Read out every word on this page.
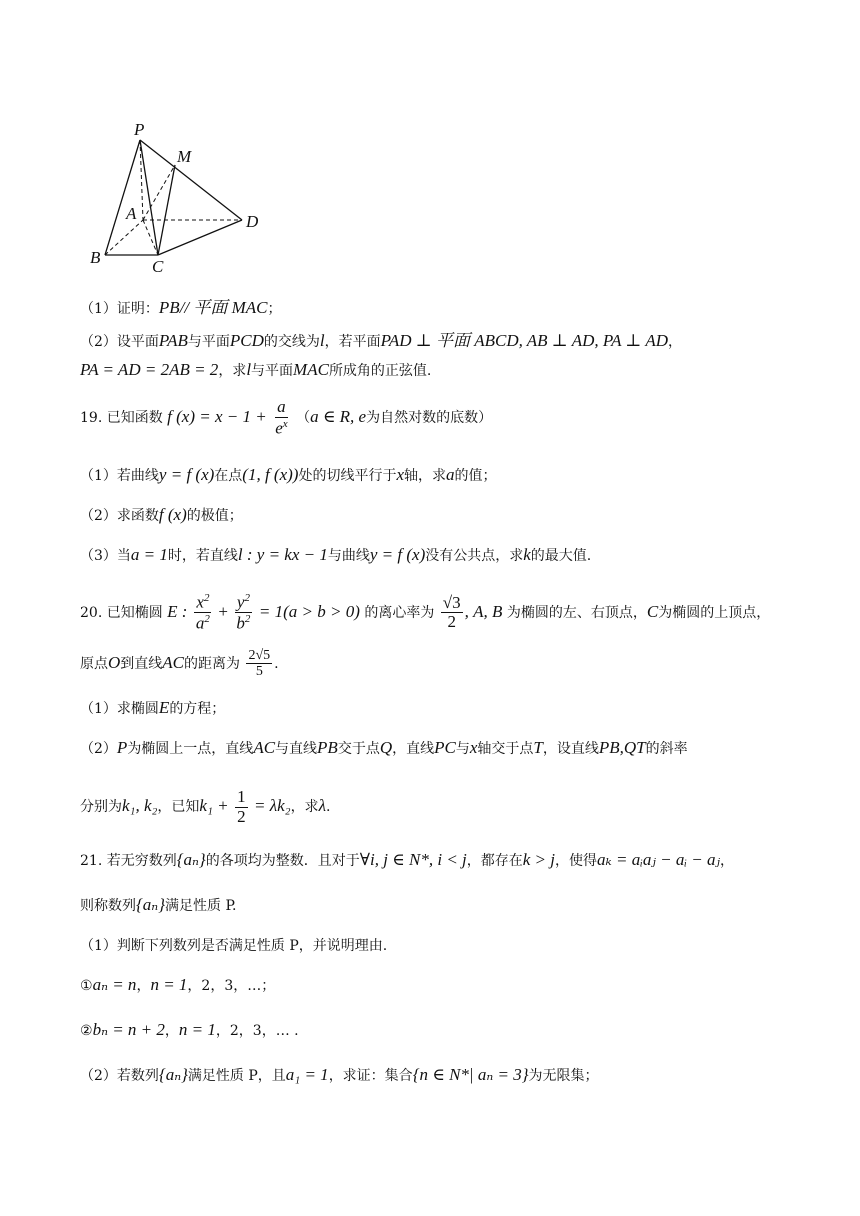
P
M
A	D
B	C
（1）证明：PB// 平面 MAC；
（2）设平面PAB与平面PCD的交线为l，若平面PAD ⊥ 平面 ABCD, AB ⊥ AD, PA ⊥ AD，
PA = AD = 2AB = 2，求l与平面MAC所成角的正弦值.
19. 已知函数 f $(x) = x - 1 + \frac{a}{e^x} (a$ ∈ R, e为自然对数的底数）
（1）若曲线y = f (x)在点(1, f (x))处的切线平行于x轴，求a的值；
（2）求函数f (x)的极值；
（3）当a = 1时，若直线l : y = kx − 1与曲线y = f (x)没有公共点，求k的最大值.
20. 已知椭圆 E : $\frac{x^2}{a^2} + \frac{y^2}{b^2} = 1(a > b > 0)$ 的离心率为 $\frac{√3}{2}$ , A, B 为椭圆的左、右顶点，C为椭圆的上顶点，
原点O到直线AC的距离为 $\frac{2√5}{5}$ .
（1）求椭圆E的方程；
（2）P为椭圆上一点，直线AC与直线PB交于点Q，直线PC与x轴交于点T，设直线PB,QT的斜率
分别为k₁, k₂，已知$k_1 + \frac{1}{2} = \lambda k_2$，求λ.
21. 若无穷数列{aₙ}的各项均为整数．且对于∀i, j ∈ N*, i < j，都存在k > j，使得aₖ = aᵢaⱼ − aᵢ − aⱼ，
则称数列{aₙ}满足性质 P.
（1）判断下列数列是否满足性质 P，并说明理由.
①aₙ = n，n = 1，2，3，…；
②bₙ = n + 2，n = 1，2，3，… .
（2）若数列{aₙ}满足性质 P，且a₁ = 1，求证：集合{n ∈ N*| aₙ = 3}为无限集；
